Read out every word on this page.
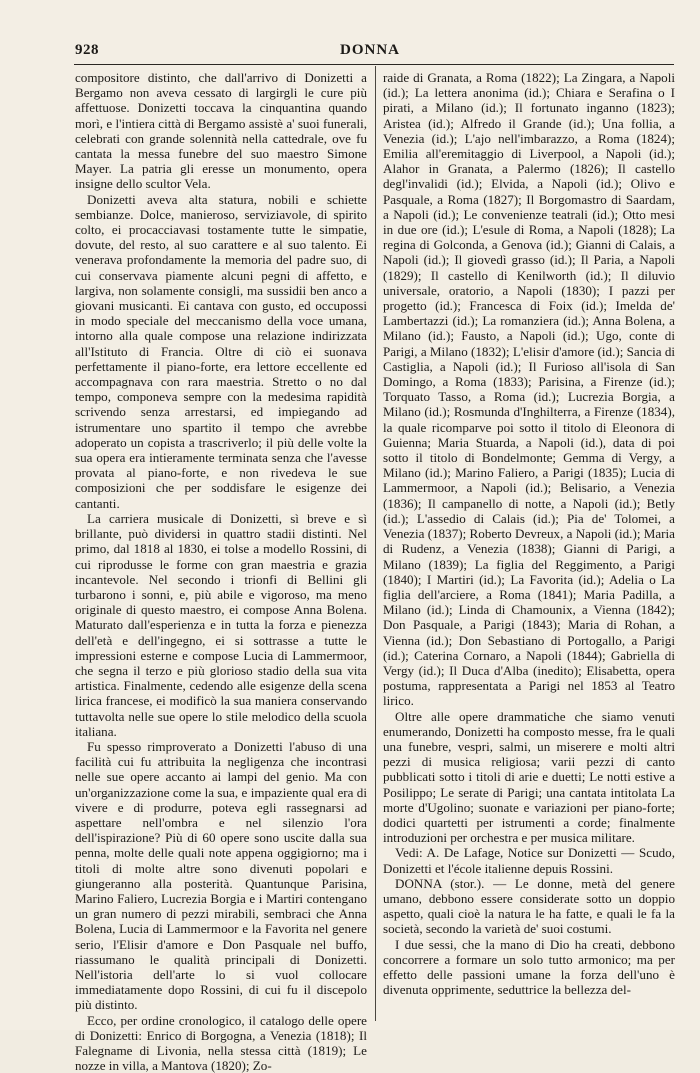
928	DONNA

compositore distinto, che dall'arrivo di Donizetti a Bergamo non aveva cessato di largirgli le cure più affettuose. Donizetti toccava la cinquantina quando morì, e l'intiera città di Bergamo assistè a' suoi funerali, celebrati con grande solennità nella cattedrale, ove fu cantata la messa funebre del suo maestro Simone Mayer. La patria gli eresse un monumento, opera insigne dello scultor Vela.

Donizetti aveva alta statura, nobili e schiette sembianze. Dolce, manieroso, serviziavole, di spirito colto, ei procacciavasi tostamente tutte le simpatie, dovute, del resto, al suo carattere e al suo talento. Ei venerava profondamente la memoria del padre suo, di cui conservava piamente alcuni pegni di affetto, e largiva, non solamente consigli, ma sussidii ben anco a giovani musicanti. Ei cantava con gusto, ed occupossi in modo speciale del meccanismo della voce umana, intorno alla quale compose una relazione indirizzata all'Istituto di Francia. Oltre di ciò ei suonava perfettamente il piano-forte, era lettore eccellente ed accompagnava con rara maestria. Stretto o no dal tempo, componeva sempre con la medesima rapidità scrivendo senza arrestarsi, ed impiegando ad istrumentare uno spartito il tempo che avrebbe adoperato un copista a trascriverlo; il più delle volte la sua opera era intieramente terminata senza che l'avesse provata al piano-forte, e non rivedeva le sue composizioni che per soddisfare le esigenze dei cantanti.

La carriera musicale di Donizetti, sì breve e sì brillante, può dividersi in quattro stadii distinti. Nel primo, dal 1818 al 1830, ei tolse a modello Rossini, di cui riprodusse le forme con gran maestria e grazia incantevole. Nel secondo i trionfi di Bellini gli turbarono i sonni, e, più abile e vigoroso, ma meno originale di questo maestro, ei compose Anna Bolena. Maturato dall'esperienza e in tutta la forza e pienezza dell'età e dell'ingegno, ei si sottrasse a tutte le impressioni esterne e compose Lucia di Lammermoor, che segna il terzo e più glorioso stadio della sua vita artistica. Finalmente, cedendo alle esigenze della scena lirica francese, ei modificò la sua maniera conservando tuttavolta nelle sue opere lo stile melodico della scuola italiana.

Fu spesso rimproverato a Donizetti l'abuso di una facilità cui fu attribuita la negligenza che incontrasi nelle sue opere accanto ai lampi del genio. Ma con un'organizzazione come la sua, e impaziente qual era di vivere e di produrre, poteva egli rassegnarsi ad aspettare nell'ombra e nel silenzio l'ora dell'ispirazione? Più di 60 opere sono uscite dalla sua penna, molte delle quali note appena oggigiorno; ma i titoli di molte altre sono divenuti popolari e giungeranno alla posterità. Quantunque Parisina, Marino Faliero, Lucrezia Borgia e i Martiri contengano un gran numero di pezzi mirabili, sembraci che Anna Bolena, Lucia di Lammermoor e la Favorita nel genere serio, l'Elisir d'amore e Don Pasquale nel buffo, riassumano le qualità principali di Donizetti. Nell'istoria dell'arte lo si vuol collocare immediatamente dopo Rossini, di cui fu il discepolo più distinto.

Ecco, per ordine cronologico, il catalogo delle opere di Donizetti: Enrico di Borgogna, a Venezia (1818); Il Falegname di Livonia, nella stessa città (1819); Le nozze in villa, a Mantova (1820); Zo-

raide di Granata, a Roma (1822); La Zingara, a Napoli (id.); La lettera anonima (id.); Chiara e Serafina o I pirati, a Milano (id.); Il fortunato inganno (1823); Aristea (id.); Alfredo il Grande (id.); Una follia, a Venezia (id.); L'ajo nell'imbarazzo, a Roma (1824); Emilia all'eremitaggio di Liverpool, a Napoli (id.); Alahor in Granata, a Palermo (1826); Il castello degl'invalidi (id.); Elvida, a Napoli (id.); Olivo e Pasquale, a Roma (1827); Il Borgomastro di Saardam, a Napoli (id.); Le convenienze teatrali (id.); Otto mesi in due ore (id.); L'esule di Roma, a Napoli (1828); La regina di Golconda, a Genova (id.); Gianni di Calais, a Napoli (id.); Il giovedì grasso (id.); Il Paria, a Napoli (1829); Il castello di Kenilworth (id.); Il diluvio universale, oratorio, a Napoli (1830); I pazzi per progetto (id.); Francesca di Foix (id.); Imelda de' Lambertazzi (id.); La romanziera (id.); Anna Bolena, a Milano (id.); Fausto, a Napoli (id.); Ugo, conte di Parigi, a Milano (1832); L'elisir d'amore (id.); Sancia di Castiglia, a Napoli (id.); Il Furioso all'isola di San Domingo, a Roma (1833); Parisina, a Firenze (id.); Torquato Tasso, a Roma (id.); Lucrezia Borgia, a Milano (id.); Rosmunda d'Inghilterra, a Firenze (1834), la quale ricomparve poi sotto il titolo di Eleonora di Guienna; Maria Stuarda, a Napoli (id.), data di poi sotto il titolo di Bondelmonte; Gemma di Vergy, a Milano (id.); Marino Faliero, a Parigi (1835); Lucia di Lammermoor, a Napoli (id.); Belisario, a Venezia (1836); Il campanello di notte, a Napoli (id.); Betly (id.); L'assedio di Calais (id.); Pia de' Tolomei, a Venezia (1837); Roberto Devreux, a Napoli (id.); Maria di Rudenz, a Venezia (1838); Gianni di Parigi, a Milano (1839); La figlia del Reggimento, a Parigi (1840); I Martiri (id.); La Favorita (id.); Adelia o La figlia dell'arciere, a Roma (1841); Maria Padilla, a Milano (id.); Linda di Chamounix, a Vienna (1842); Don Pasquale, a Parigi (1843); Maria di Rohan, a Vienna (id.); Don Sebastiano di Portogallo, a Parigi (id.); Caterina Cornaro, a Napoli (1844); Gabriella di Vergy (id.); Il Duca d'Alba (inedito); Elisabetta, opera postuma, rappresentata a Parigi nel 1853 al Teatro lirico.

Oltre alle opere drammatiche che siamo venuti enumerando, Donizetti ha composto messe, fra le quali una funebre, vespri, salmi, un miserere e molti altri pezzi di musica religiosa; varii pezzi di canto pubblicati sotto i titoli di arie e duetti; Le notti estive a Posilippo; Le serate di Parigi; una cantata intitolata La morte d'Ugolino; suonate e variazioni per piano-forte; dodici quartetti per istrumenti a corde; finalmente introduzioni per orchestra e per musica militare.

Vedi: A. De Lafage, Notice sur Donizetti — Scudo, Donizetti et l'école italienne depuis Rossini.

DONNA (stor.). — Le donne, metà del genere umano, debbono essere considerate sotto un doppio aspetto, quali cioè la natura le ha fatte, e quali le fa la società, secondo la varietà de' suoi costumi.

I due sessi, che la mano di Dio ha creati, debbono concorrere a formare un solo tutto armonico; ma per effetto delle passioni umane la forza dell'uno è divenuta opprimente, seduttrice la bellezza del-
